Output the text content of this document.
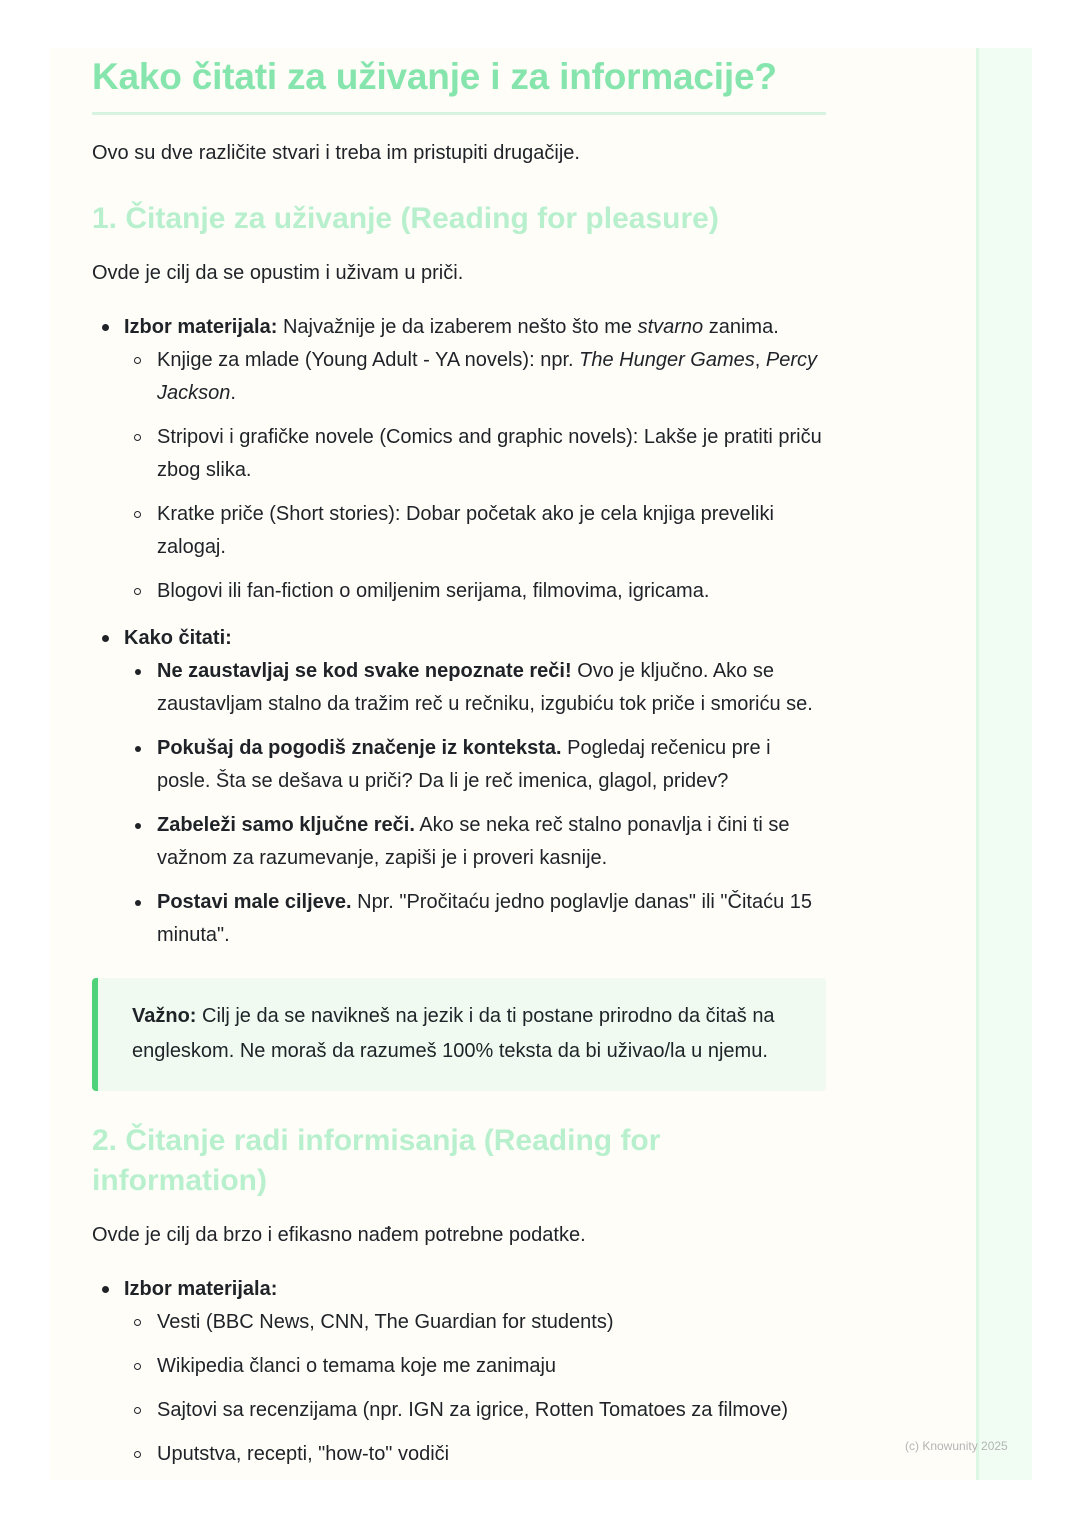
Kako čitati za uživanje i za informacije?

Ovo su dve različite stvari i treba im pristupiti drugačije.

1. Čitanje za uživanje (Reading for pleasure)

Ovde je cilj da se opustim i uživam u priči.

Izbor materijala: Najvažnije je da izaberem nešto što me stvarno zanima.
Knjige za mlade (Young Adult - YA novels): npr. The Hunger Games, Percy Jackson.
Stripovi i grafičke novele (Comics and graphic novels): Lakše je pratiti priču zbog slika.
Kratke priče (Short stories): Dobar početak ako je cela knjiga preveliki zalogaj.
Blogovi ili fan-fiction o omiljenim serijama, filmovima, igricama.
Kako čitati:
Ne zaustavljaj se kod svake nepoznate reči! Ovo je ključno. Ako se zaustavljam stalno da tražim reč u rečniku, izgubiću tok priče i smoriću se.
Pokušaj da pogodiš značenje iz konteksta. Pogledaj rečenicu pre i posle. Šta se dešava u priči? Da li je reč imenica, glagol, pridev?
Zabeleži samo ključne reči. Ako se neka reč stalno ponavlja i čini ti se važnom za razumevanje, zapiši je i proveri kasnije.
Postavi male ciljeve. Npr. "Pročitaću jedno poglavlje danas" ili "Čitaću 15 minuta".
Važno: Cilj je da se navikneš na jezik i da ti postane prirodno da čitaš na engleskom. Ne moraš da razumeš 100% teksta da bi uživao/la u njemu.
2. Čitanje radi informisanja (Reading for information)

Ovde je cilj da brzo i efikasno nađem potrebne podatke.

Izbor materijala:
Vesti (BBC News, CNN, The Guardian for students)
Wikipedia članci o temama koje me zanimaju
Sajtovi sa recenzijama (npr. IGN za igrice, Rotten Tomatoes za filmove)
Uputstva, recepti, "how-to" vodiči	(c) Knowunity 2025
